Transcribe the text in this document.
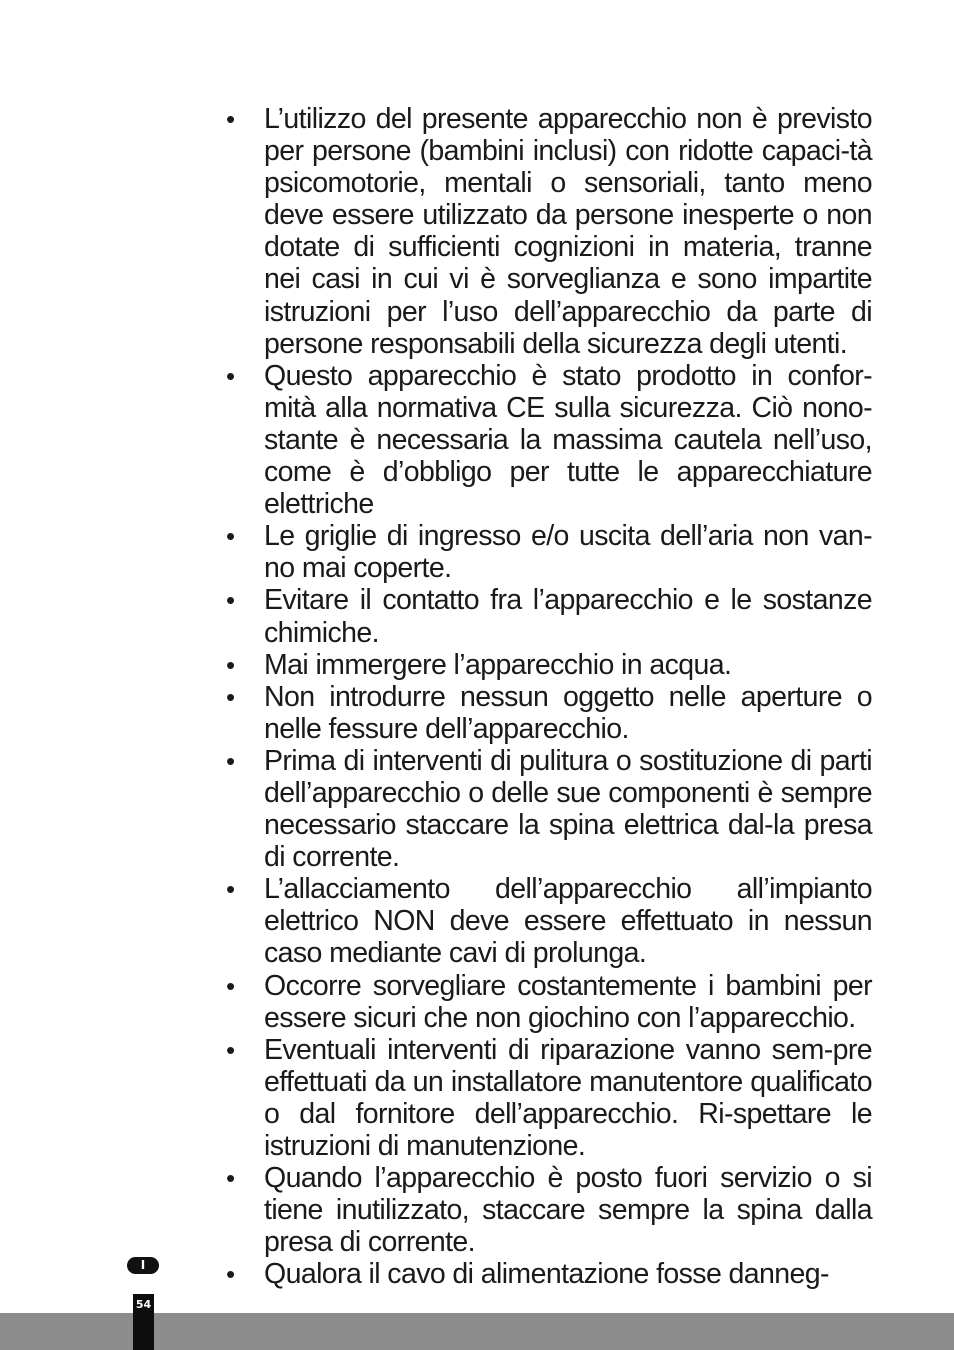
• L’utilizzo del presente apparecchio non è previsto per persone (bambini inclusi) con ridotte capaci-tà psicomotorie, mentali o sensoriali, tanto meno deve essere utilizzato da persone inesperte o non dotate di sufficienti cognizioni in materia, tranne nei casi in cui vi è sorveglianza e sono impartite istruzioni per l’uso dell’apparecchio da parte di persone responsabili della sicurezza degli utenti.
• Questo apparecchio è stato prodotto in confor-mità alla normativa CE sulla sicurezza. Ciò nono-stante è necessaria la massima cautela nell’uso, come è d’obbligo per tutte le apparecchiature elettriche
• Le griglie di ingresso e/o uscita dell’aria non van-no mai coperte.
• Evitare il contatto fra l’apparecchio e le sostanze chimiche.
• Mai immergere l’apparecchio in acqua.
• Non introdurre nessun oggetto nelle aperture o nelle fessure dell’apparecchio.
• Prima di interventi di pulitura o sostituzione di parti dell’apparecchio o delle sue componenti è sempre necessario staccare la spina elettrica dal-la presa di corrente.
• L’allacciamento dell’apparecchio all’impianto elettrico NON deve essere effettuato in nessun caso mediante cavi di prolunga.
• Occorre sorvegliare costantemente i bambini per essere sicuri che non giochino con l’apparecchio.
• Eventuali interventi di riparazione vanno sem-pre effettuati da un installatore manutentore qualificato o dal fornitore dell’apparecchio. Ri-spettare le istruzioni di manutenzione.
• Quando l’apparecchio è posto fuori servizio o si tiene inutilizzato, staccare sempre la spina dalla presa di corrente.
• Qualora il cavo di alimentazione fosse danneg-
I
54
